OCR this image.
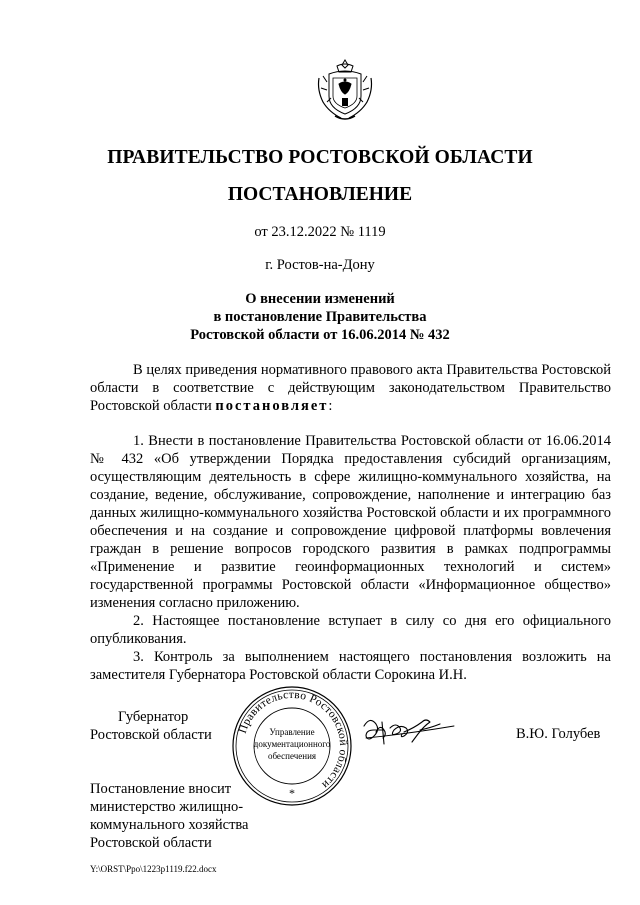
ПРАВИТЕЛЬСТВО РОСТОВСКОЙ ОБЛАСТИ
ПОСТАНОВЛЕНИЕ
от 23.12.2022 № 1119
г. Ростов-на-Дону
О внесении изменений
в постановление Правительства
Ростовской области от 16.06.2014 № 432
В целях приведения нормативного правового акта Правительства Ростовской области в соответствие с действующим законодательством Правительство Ростовской области постановляет:

1. Внести в постановление Правительства Ростовской области от 16.06.2014 № 432 «Об утверждении Порядка предоставления субсидий организациям, осуществляющим деятельность в сфере жилищно-коммунального хозяйства, на создание, ведение, обслуживание, сопровождение, наполнение и интеграцию баз данных жилищно-коммунального хозяйства Ростовской области и их программного обеспечения и на создание и сопровождение цифровой платформы вовлечения граждан в решение вопросов городского развития в рамках подпрограммы «Применение и развитие геоинформационных технологий и систем» государственной программы Ростовской области «Информационное общество» изменения согласно приложению.

2. Настоящее постановление вступает в силу со дня его официального опубликования.

3. Контроль за выполнением настоящего постановления возложить на заместителя Губернатора Ростовской области Сорокина И.Н.

Губернатор
Ростовской области Правительство Ростовской области
Управление
документационного
обеспечения
*
В.Ю. Голубев
Постановление вносит
министерство жилищно-
коммунального хозяйства
Ростовской области
Y:\ORST\Ppo\1223p1119.f22.docx
